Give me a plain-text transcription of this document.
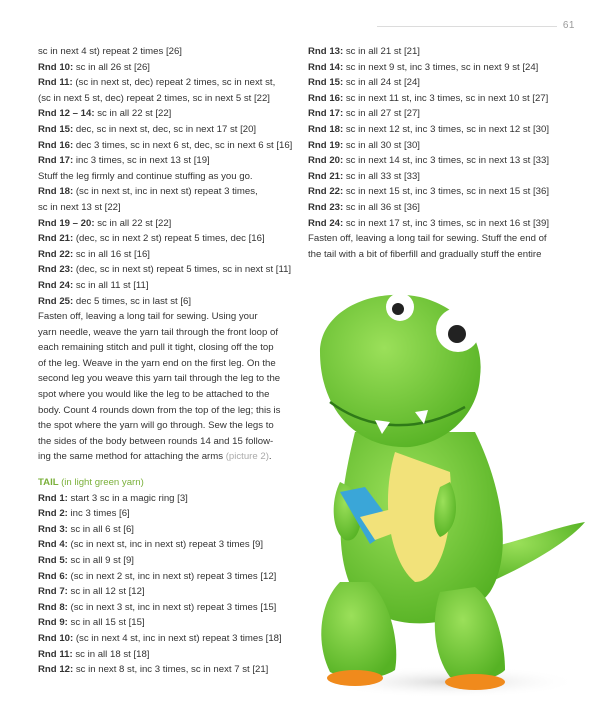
61
sc in next 4 st) repeat 2 times [26]
Rnd 10: sc in all 26 st [26]
Rnd 11: (sc in next st, dec) repeat 2 times, sc in next st,
(sc in next 5 st, dec) repeat 2 times, sc in next 5 st [22]
Rnd 12 – 14: sc in all 22 st [22]
Rnd 15: dec, sc in next st, dec, sc in next 17 st [20]
Rnd 16: dec 3 times, sc in next 6 st, dec, sc in next 6 st [16]
Rnd 17: inc 3 times, sc in next 13 st [19]
Stuff the leg firmly and continue stuffing as you go.
Rnd 18: (sc in next st, inc in next st) repeat 3 times,
sc in next 13 st [22]
Rnd 19 – 20: sc in all 22 st [22]
Rnd 21: (dec, sc in next 2 st) repeat 5 times, dec [16]
Rnd 22: sc in all 16 st [16]
Rnd 23: (dec, sc in next st) repeat 5 times, sc in next st [11]
Rnd 24: sc in all 11 st [11]
Rnd 25: dec 5 times, sc in last st [6]
Fasten off, leaving a long tail for sewing. Using your
yarn needle, weave the yarn tail through the front loop of
each remaining stitch and pull it tight, closing off the top
of the leg. Weave in the yarn end on the first leg. On the
second leg you weave this yarn tail through the leg to the
spot where you would like the leg to be attached to the
body. Count 4 rounds down from the top of the leg; this is
the spot where the yarn will go through. Sew the legs to
the sides of the body between rounds 14 and 15 follow-
ing the same method for attaching the arms (picture 2).
TAIL (in light green yarn)
Rnd 1: start 3 sc in a magic ring [3]
Rnd 2: inc 3 times [6]
Rnd 3: sc in all 6 st [6]
Rnd 4: (sc in next st, inc in next st) repeat 3 times [9]
Rnd 5: sc in all 9 st [9]
Rnd 6: (sc in next 2 st, inc in next st) repeat 3 times [12]
Rnd 7: sc in all 12 st [12]
Rnd 8: (sc in next 3 st, inc in next st) repeat 3 times [15]
Rnd 9: sc in all 15 st [15]
Rnd 10: (sc in next 4 st, inc in next st) repeat 3 times [18]
Rnd 11: sc in all 18 st [18]
Rnd 12: sc in next 8 st, inc 3 times, sc in next 7 st [21]
Rnd 13: sc in all 21 st [21]
Rnd 14: sc in next 9 st, inc 3 times, sc in next 9 st [24]
Rnd 15: sc in all 24 st [24]
Rnd 16: sc in next 11 st, inc 3 times, sc in next 10 st [27]
Rnd 17: sc in all 27 st [27]
Rnd 18: sc in next 12 st, inc 3 times, sc in next 12 st [30]
Rnd 19: sc in all 30 st [30]
Rnd 20: sc in next 14 st, inc 3 times, sc in next 13 st [33]
Rnd 21: sc in all 33 st [33]
Rnd 22: sc in next 15 st, inc 3 times, sc in next 15 st [36]
Rnd 23: sc in all 36 st [36]
Rnd 24: sc in next 17 st, inc 3 times, sc in next 16 st [39]
Fasten off, leaving a long tail for sewing. Stuff the end of
the tail with a bit of fiberfill and gradually stuff the entire
